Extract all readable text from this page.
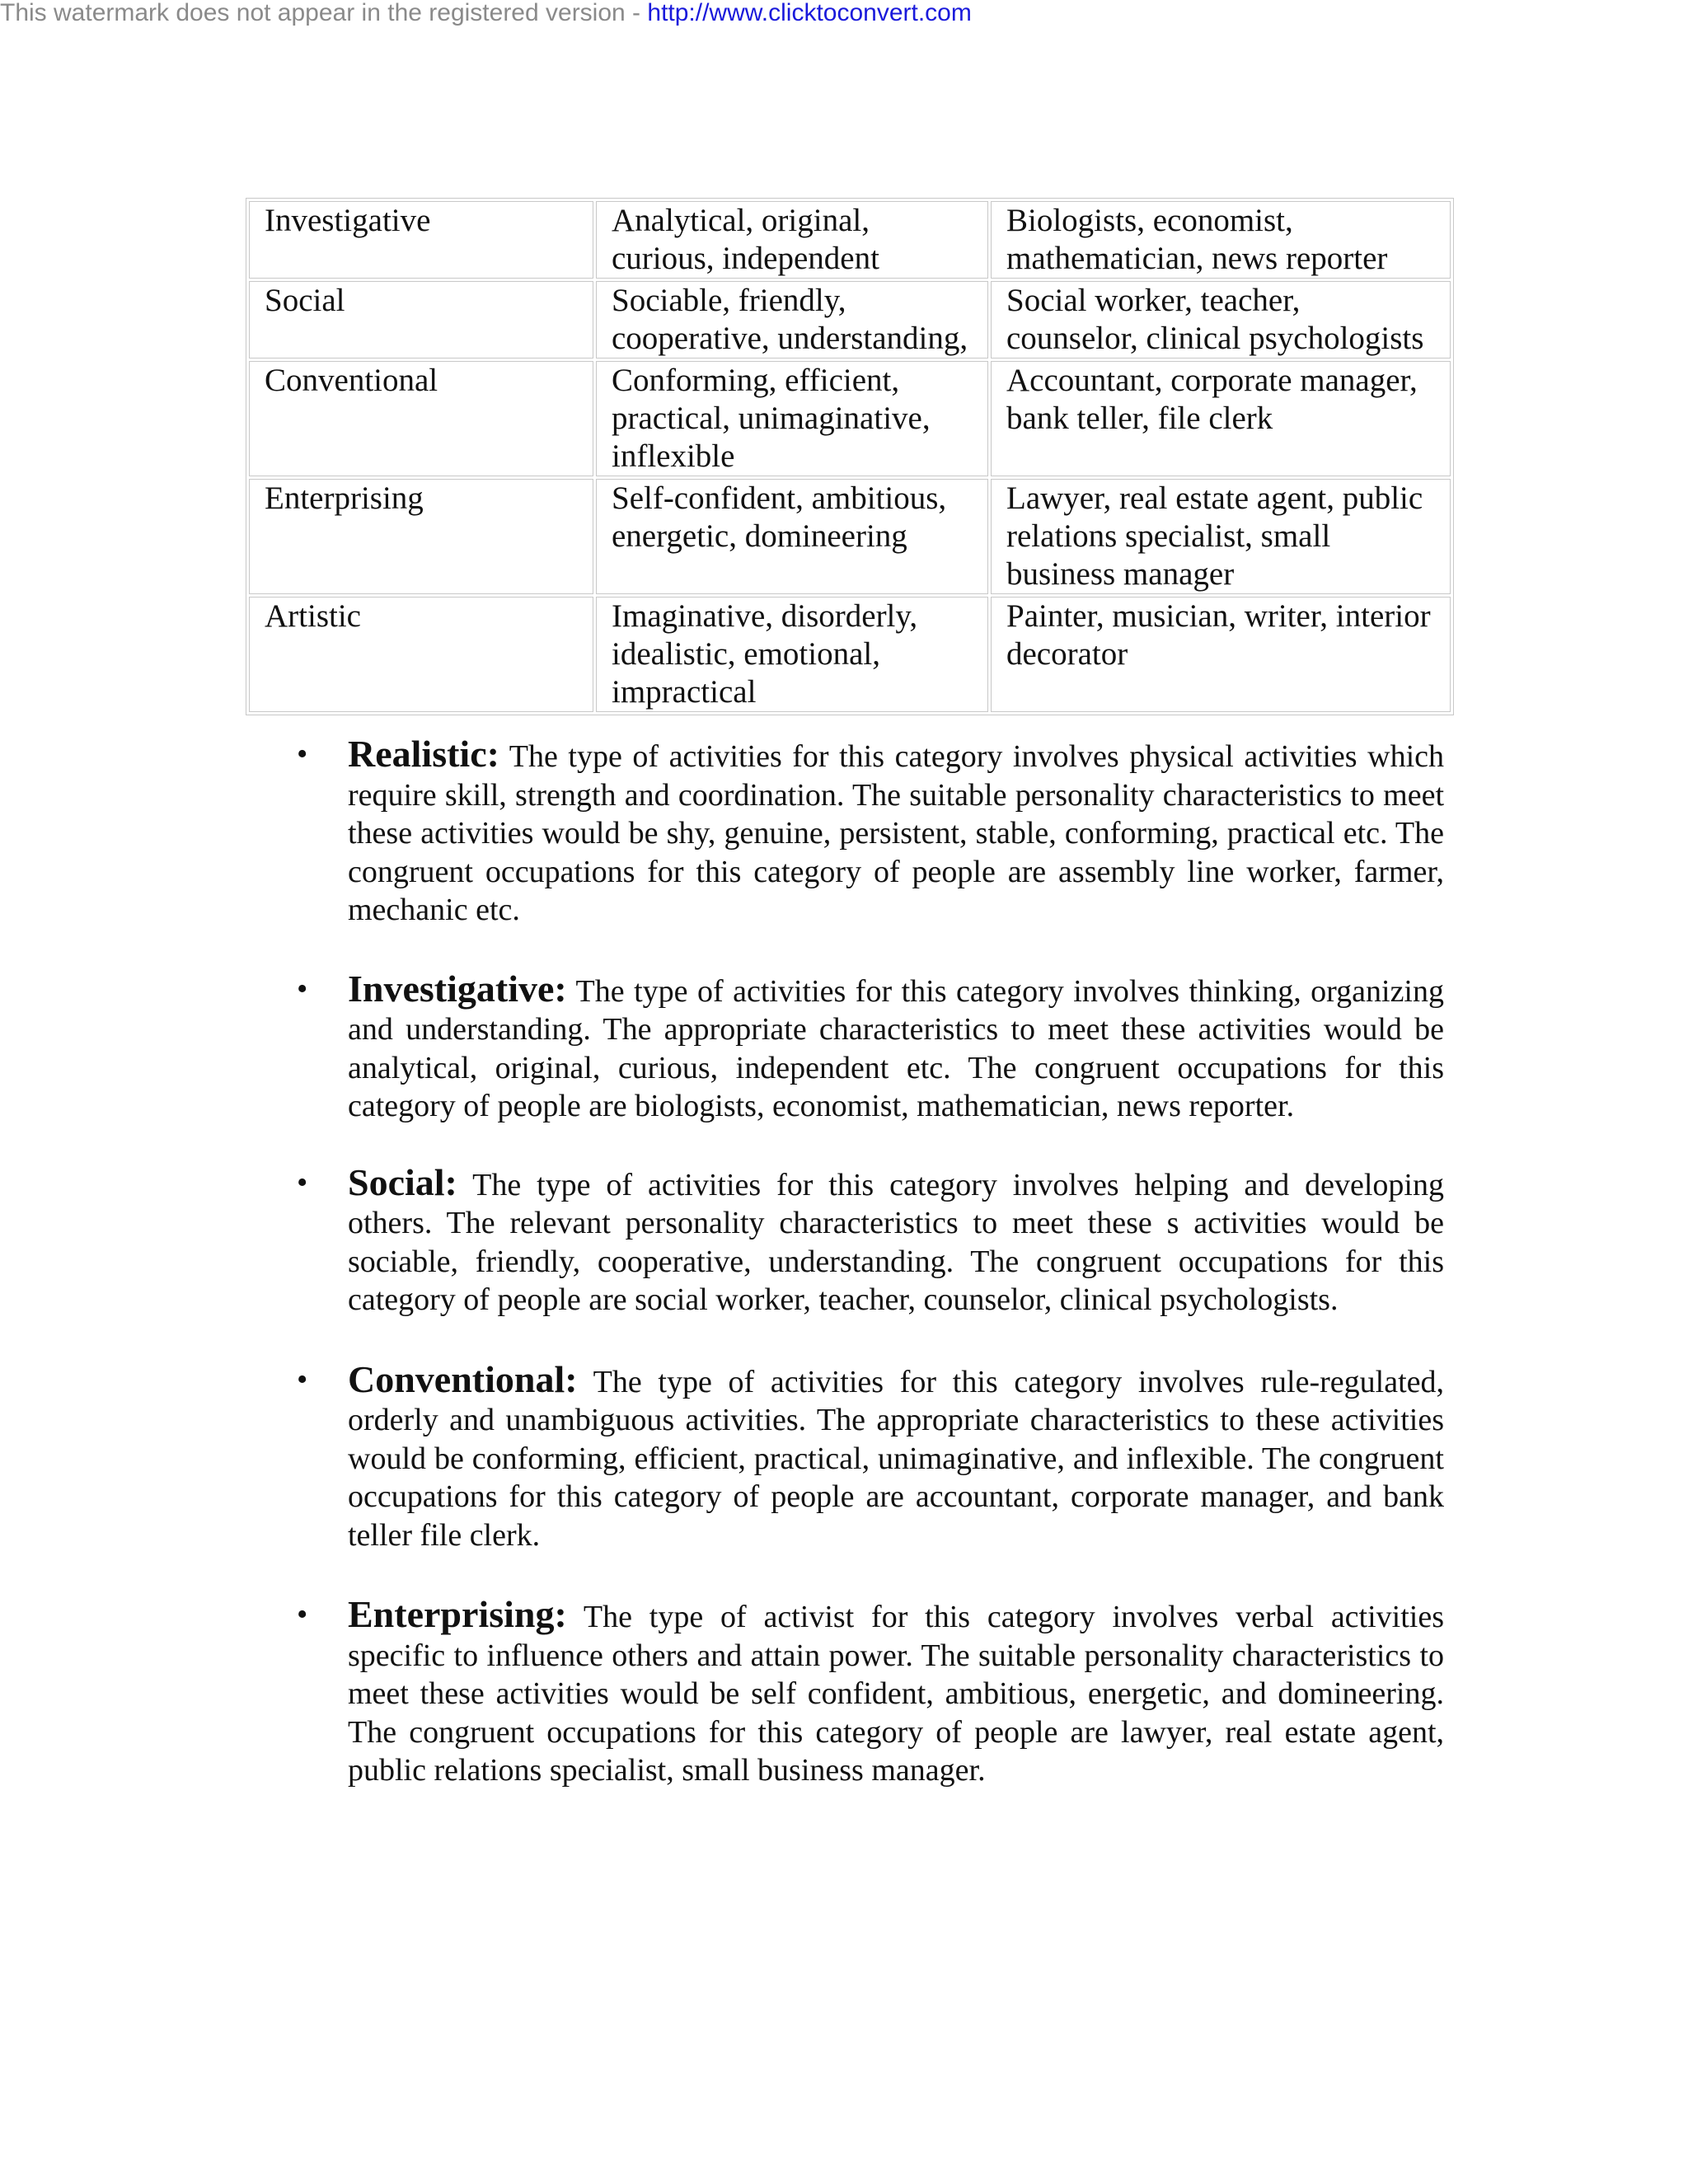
This watermark does not appear in the registered version - http://www.clicktoconvert.com
Investigative	Analytical, original, curious, independent	Biologists, economist, mathematician, news reporter
Social	Sociable, friendly, cooperative, understanding,	Social worker, teacher, counselor, clinical psychologists
Conventional	Conforming, efficient, practical, unimaginative, inflexible	Accountant, corporate manager, bank teller, file clerk
Enterprising	Self-confident, ambitious, energetic, domineering	Lawyer, real estate agent, public relations specialist, small business manager
Artistic	Imaginative, disorderly, idealistic, emotional, impractical	Painter, musician, writer, interior decorator
• Realistic: The type of activities for this category involves physical activities which require skill, strength and coordination. The suitable personality characteristics to meet these activities would be shy, genuine, persistent, stable, conforming, practical etc. The congruent occupations for this category of people are assembly line worker, farmer, mechanic etc.
• Investigative: The type of activities for this category involves thinking, organizing and understanding. The appropriate characteristics to meet these activities would be analytical, original, curious, independent etc. The congruent occupations for this category of people are biologists, economist, mathematician, news reporter.
• Social: The type of activities for this category involves helping and developing others. The relevant personality characteristics to meet these s activities would be sociable, friendly, cooperative, understanding. The congruent occupations for this category of people are social worker, teacher, counselor, clinical psychologists.
• Conventional: The type of activities for this category involves rule-regulated, orderly and unambiguous activities. The appropriate characteristics to these activities would be conforming, efficient, practical, unimaginative, and inflexible. The congruent occupations for this category of people are accountant, corporate manager, and bank teller file clerk.
• Enterprising: The type of activist for this category involves verbal activities specific to influence others and attain power. The suitable personality characteristics to meet these activities would be self confident, ambitious, energetic, and domineering. The congruent occupations for this category of people are lawyer, real estate agent, public relations specialist, small business manager.
